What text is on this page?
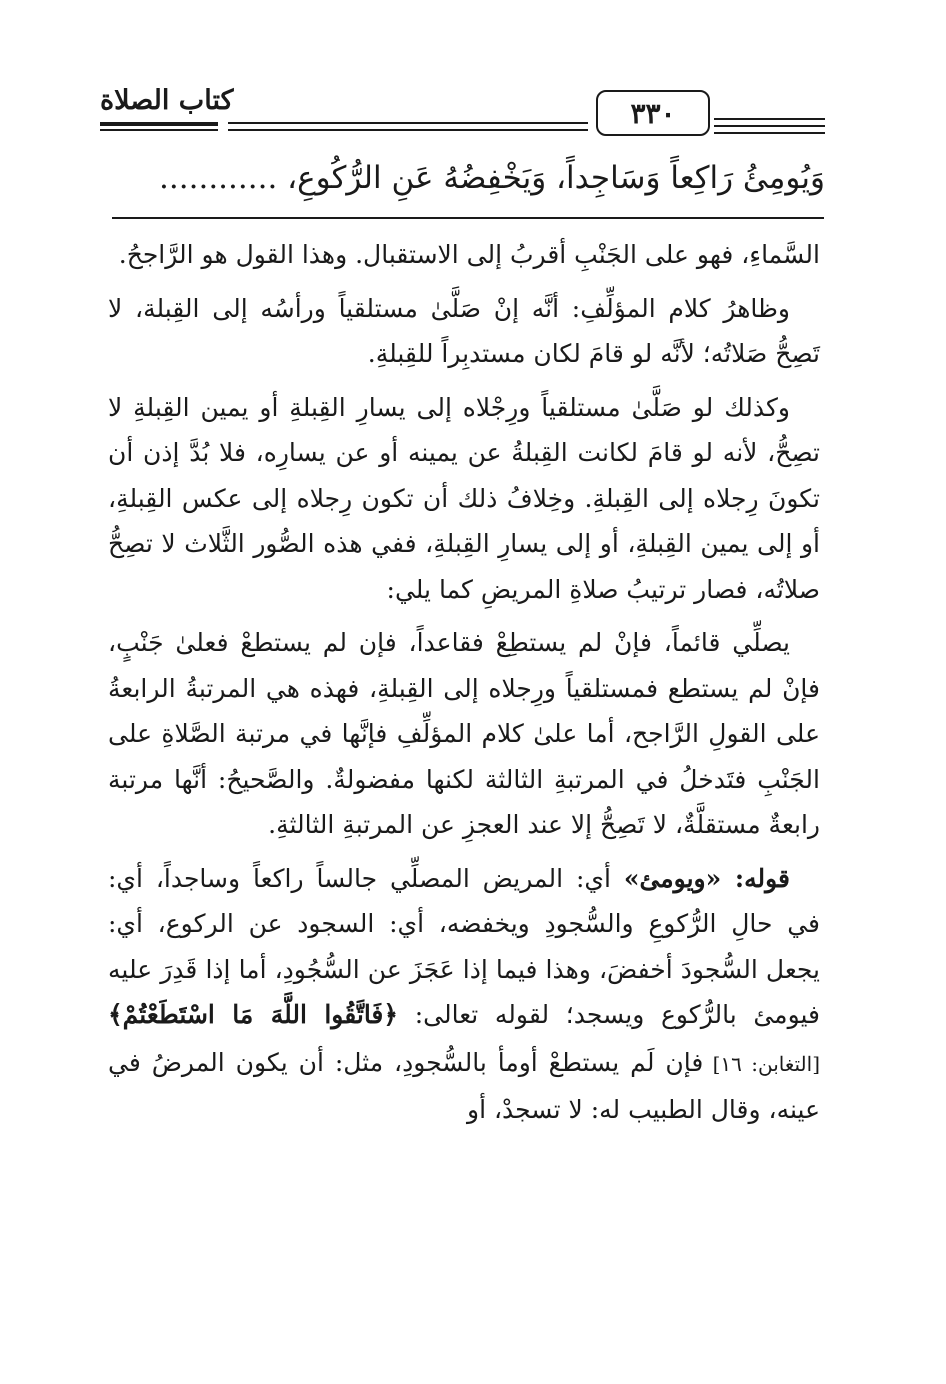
كتاب الصلاة	٣٣٠
وَيُومِئُ رَاكِعاً وَسَاجِداً، وَيَخْفِضُهُ عَنِ الرُّكُوعِ، ............

السَّماءِ، فهو على الجَنْبِ أقربُ إلى الاستقبال. وهذا القول هو الرَّاجحُ.

وظاهرُ كلام المؤلِّفِ: أنَّه إنْ صَلَّىٰ مستلقياً ورأسُه إلى القِبلة، لا تَصِحُّ صَلاتُه؛ لأنَّه لو قامَ لكان مستدبِراً للقِبلةِ.

وكذلك لو صَلَّىٰ مستلقياً ورِجْلاه إلى يسارِ القِبلةِ أو يمين القِبلةِ لا تصِحُّ، لأنه لو قامَ لكانت القِبلةُ عن يمينه أو عن يسارِه، فلا بُدَّ إذن أن تكونَ رِجلاه إلى القِبلةِ. وخِلافُ ذلك أن تكون رِجلاه إلى عكس القِبلةِ، أو إلى يمين القِبلةِ، أو إلى يسارِ القِبلةِ، ففي هذه الصُّور الثَّلاث لا تصِحُّ صلاتُه، فصار ترتيبُ صلاةِ المريضِ كما يلي:

يصلِّي قائماً، فإنْ لم يستطِعْ فقاعداً، فإن لم يستطعْ فعلىٰ جَنْبٍ، فإنْ لم يستطع فمستلقياً ورِجلاه إلى القِبلةِ، فهذه هي المرتبةُ الرابعةُ على القولِ الرَّاجح، أما علىٰ كلام المؤلِّفِ فإنَّها في مرتبة الصَّلاةِ على الجَنْبِ فتَدخلُ في المرتبةِ الثالثة لكنها مفضولةٌ. والصَّحيحُ: أنَّها مرتبة رابعةٌ مستقلَّةٌ، لا تَصِحُّ إلا عند العجزِ عن المرتبةِ الثالثةِ.

قوله: «ويومئ» أي: المريض المصلِّي جالساً راكعاً وساجداً، أي: في حالِ الرُّكوعِ والسُّجودِ ويخفضه، أي: السجود عن الركوع، أي: يجعل السُّجودَ أخفضَ، وهذا فيما إذا عَجَزَ عن السُّجُودِ، أما إذا قَدِرَ عليه فيومئ بالرُّكوع ويسجد؛ لقوله تعالى: ﴿فَاتَّقُوا اللَّهَ مَا اسْتَطَعْتُمْ﴾ [التغابن: ١٦] فإن لَم يستطعْ أومأ بالسُّجودِ، مثل: أن يكون المرضُ في عينه، وقال الطبيب له: لا تسجدْ، أو
